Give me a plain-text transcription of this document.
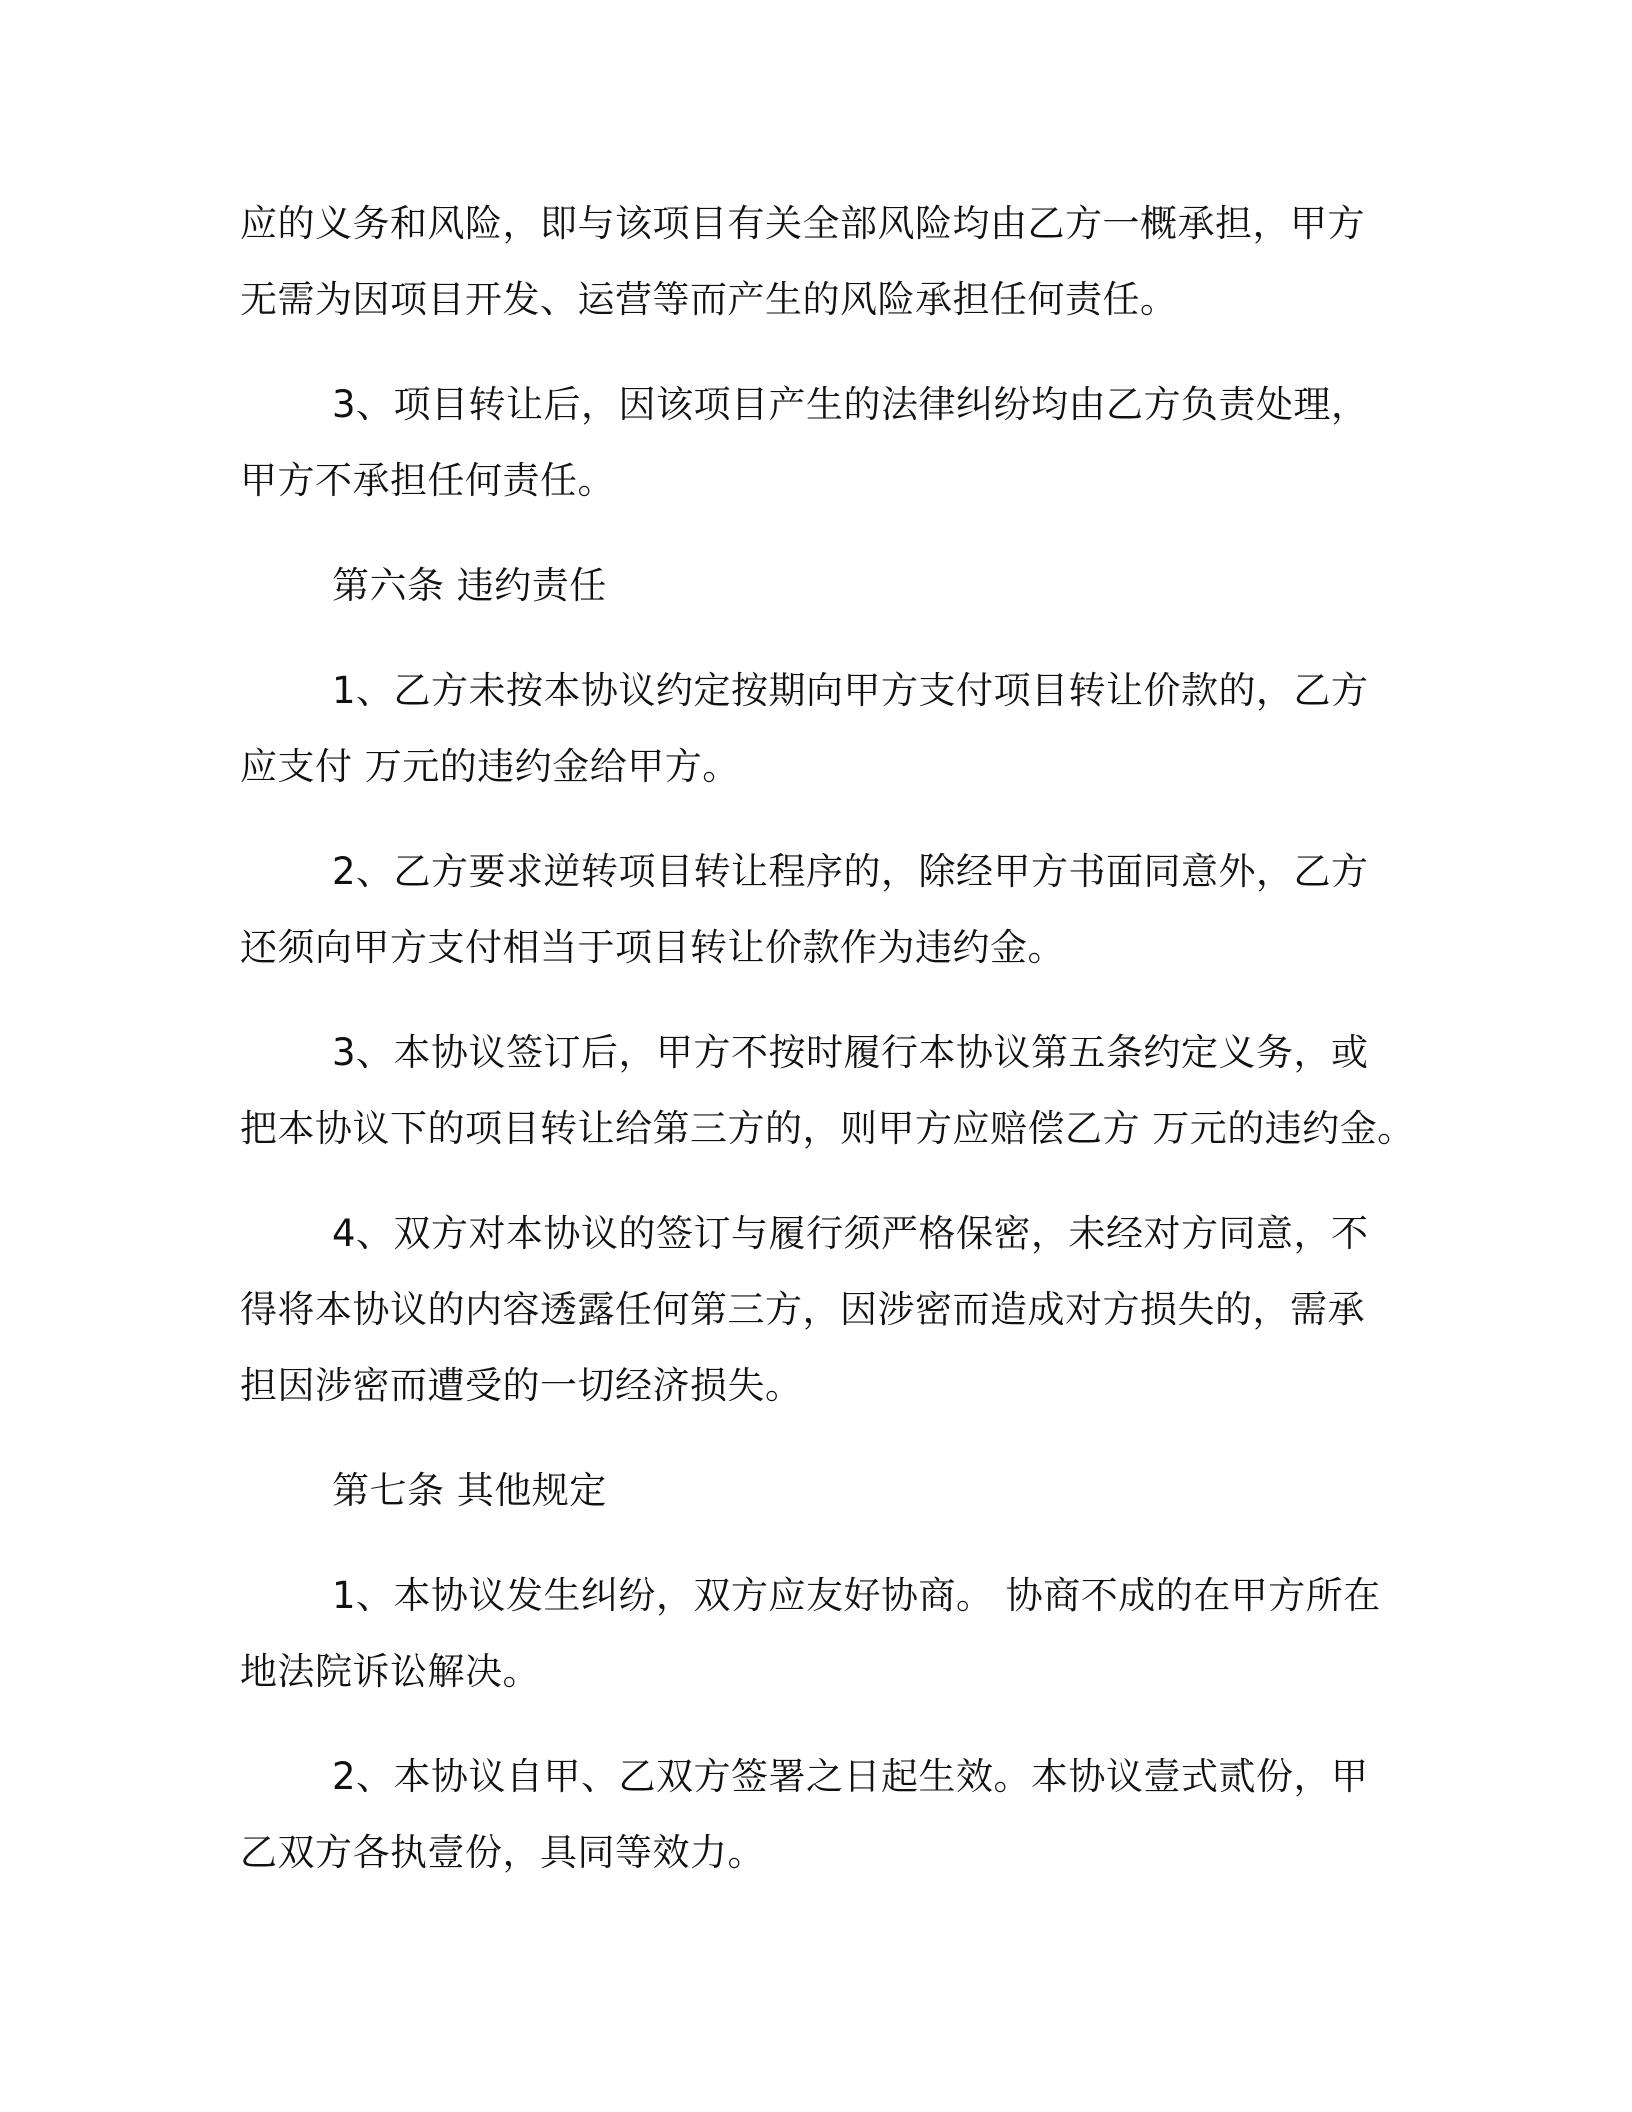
应的义务和风险，即与该项目有关全部风险均由乙方一概承担，甲方
无需为因项目开发、运营等而产生的风险承担任何责任。

3、项目转让后，因该项目产生的法律纠纷均由乙方负责处理，
甲方不承担任何责任。

第六条 违约责任

1、乙方未按本协议约定按期向甲方支付项目转让价款的，乙方
应支付 万元的违约金给甲方。

2、乙方要求逆转项目转让程序的，除经甲方书面同意外，乙方
还须向甲方支付相当于项目转让价款作为违约金。

3、本协议签订后，甲方不按时履行本协议第五条约定义务，或
把本协议下的项目转让给第三方的，则甲方应赔偿乙方 万元的违约金。

4、双方对本协议的签订与履行须严格保密，未经对方同意，不
得将本协议的内容透露任何第三方，因涉密而造成对方损失的，需承
担因涉密而遭受的一切经济损失。

第七条 其他规定

1、本协议发生纠纷，双方应友好协商。 协商不成的在甲方所在
地法院诉讼解决。

2、本协议自甲、乙双方签署之日起生效。本协议壹式贰份，甲
乙双方各执壹份，具同等效力。
